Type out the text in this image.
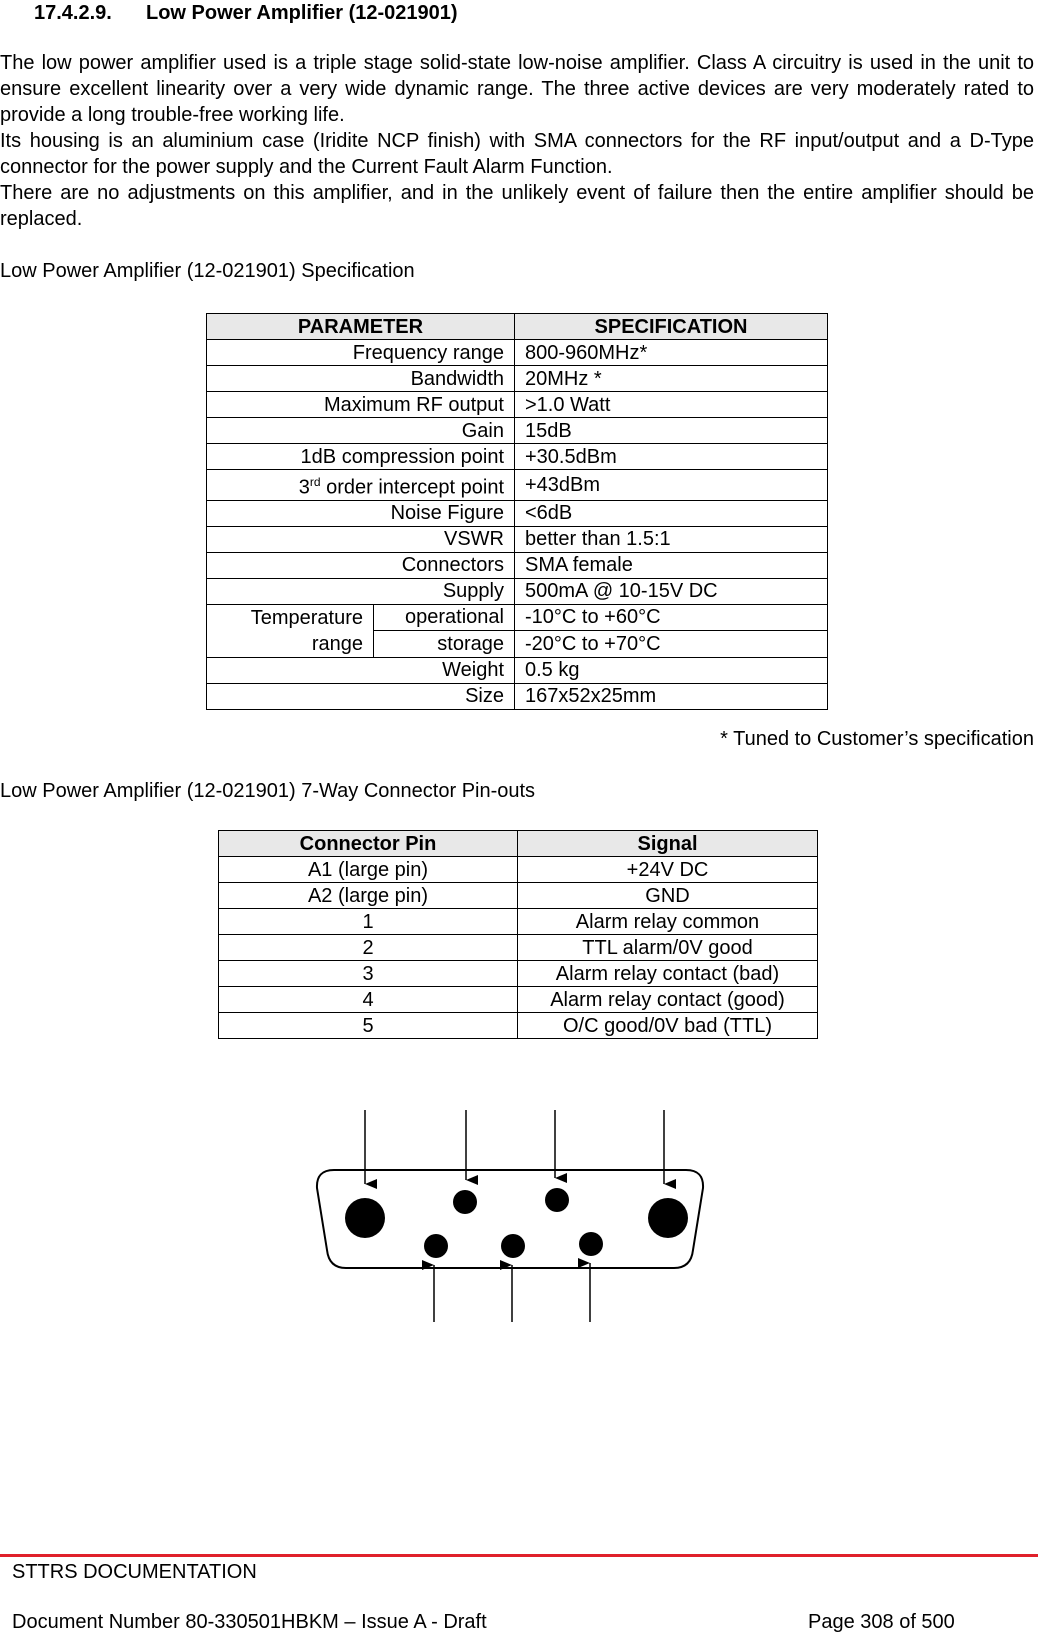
17.4.2.9. Low Power Amplifier (12-021901)

The low power amplifier used is a triple stage solid-state low-noise amplifier. Class A circuitry is used in the unit to ensure excellent linearity over a very wide dynamic range. The three active devices are very moderately rated to provide a long trouble-free working life.

Its housing is an aluminium case (Iridite NCP finish) with SMA connectors for the RF input/output and a D-Type connector for the power supply and the Current Fault Alarm Function.

There are no adjustments on this amplifier, and in the unlikely event of failure then the entire amplifier should be replaced.

Low Power Amplifier (12-021901) Specification

PARAMETER		SPECIFICATION
Frequency range		800-960MHz*
Bandwidth		20MHz *
Maximum RF output		>1.0 Watt
Gain		15dB
1dB compression point		+30.5dBm
3rd order intercept point		+43dBm
Noise Figure		<6dB
VSWR		better than 1.5:1
Connectors		SMA female
Supply		500mA @ 10-15V DC
Temperature range	operational	-10°C to +60°C
	storage	-20°C to +70°C
Weight		0.5 kg
Size		167x52x25mm
* Tuned to Customer’s specification

Low Power Amplifier (12-021901) 7-Way Connector Pin-outs

Connector Pin	Signal
A1 (large pin)	+24V DC
A2 (large pin)	GND
1	Alarm relay common
2	TTL alarm/0V good
3	Alarm relay contact (bad)
4	Alarm relay contact (good)
5	O/C good/0V bad (TTL)
STTRS DOCUMENTATION
Document Number 80-330501HBKM – Issue A - Draft	Page 308 of 500
